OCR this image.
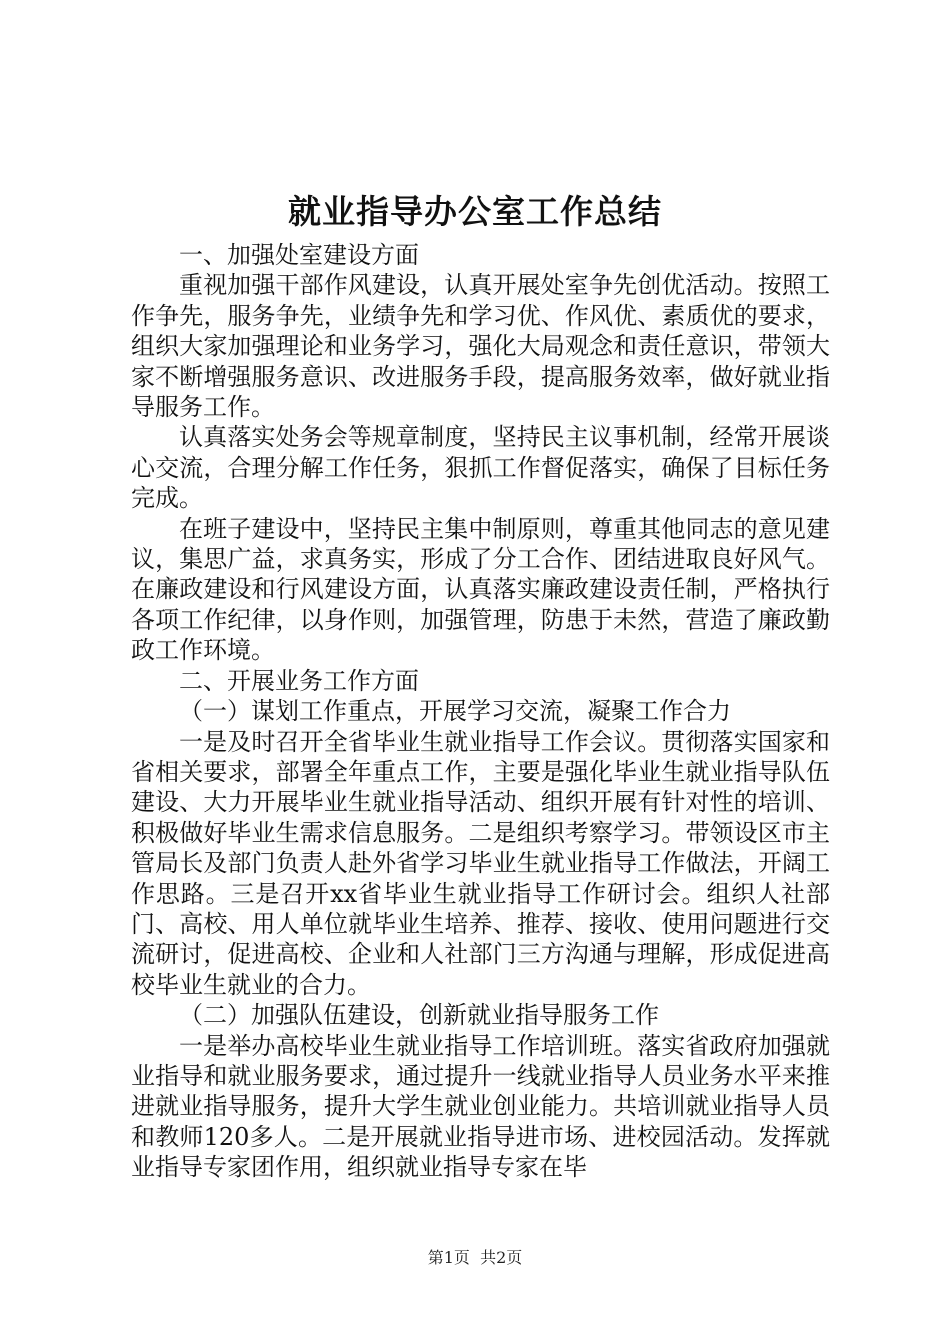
就业指导办公室工作总结

一、加强处室建设方面

重视加强干部作风建设，认真开展处室争先创优活动。按照工作争先，服务争先，业绩争先和学习优、作风优、素质优的要求，组织大家加强理论和业务学习，强化大局观念和责任意识，带领大家不断增强服务意识、改进服务手段，提高服务效率，做好就业指导服务工作。

认真落实处务会等规章制度，坚持民主议事机制，经常开展谈心交流，合理分解工作任务，狠抓工作督促落实，确保了目标任务完成。

在班子建设中，坚持民主集中制原则，尊重其他同志的意见建议，集思广益，求真务实，形成了分工合作、团结进取良好风气。在廉政建设和行风建设方面，认真落实廉政建设责任制，严格执行各项工作纪律，以身作则，加强管理，防患于未然，营造了廉政勤政工作环境。

二、开展业务工作方面

（一）谋划工作重点，开展学习交流，凝聚工作合力

一是及时召开全省毕业生就业指导工作会议。贯彻落实国家和省相关要求，部署全年重点工作，主要是强化毕业生就业指导队伍建设、大力开展毕业生就业指导活动、组织开展有针对性的培训、积极做好毕业生需求信息服务。二是组织考察学习。带领设区市主管局长及部门负责人赴外省学习毕业生就业指导工作做法，开阔工作思路。三是召开xx省毕业生就业指导工作研讨会。组织人社部门、高校、用人单位就毕业生培养、推荐、接收、使用问题进行交流研讨，促进高校、企业和人社部门三方沟通与理解，形成促进高校毕业生就业的合力。

（二）加强队伍建设，创新就业指导服务工作

一是举办高校毕业生就业指导工作培训班。落实省政府加强就业指导和就业服务要求，通过提升一线就业指导人员业务水平来推进就业指导服务，提升大学生就业创业能力。共培训就业指导人员和教师120多人。二是开展就业指导进市场、进校园活动。发挥就业指导专家团作用，组织就业指导专家在毕

第1页  共2页
